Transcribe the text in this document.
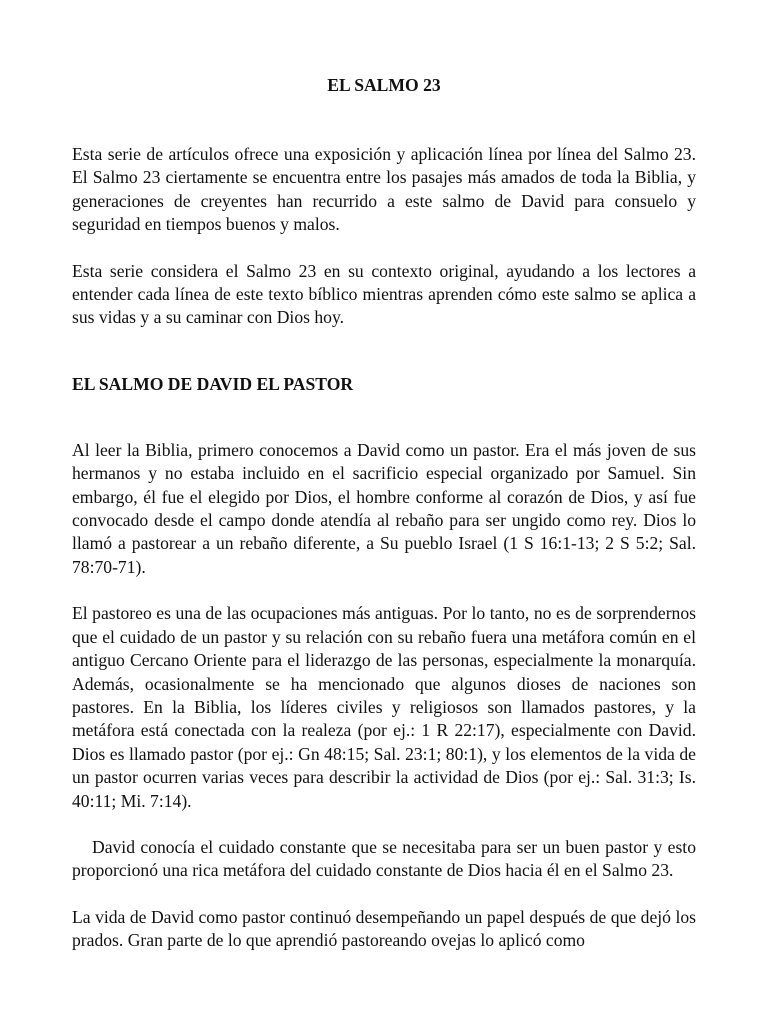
EL SALMO 23

Esta serie de artículos ofrece una exposición y aplicación línea por línea del Salmo 23. El Salmo 23 ciertamente se encuentra entre los pasajes más amados de toda la Biblia, y generaciones de creyentes han recurrido a este salmo de David para consuelo y seguridad en tiempos buenos y malos.

Esta serie considera el Salmo 23 en su contexto original, ayudando a los lectores a entender cada línea de este texto bíblico mientras aprenden cómo este salmo se aplica a sus vidas y a su caminar con Dios hoy.

EL SALMO DE DAVID EL PASTOR

Al leer la Biblia, primero conocemos a David como un pastor. Era el más joven de sus hermanos y no estaba incluido en el sacrificio especial organizado por Samuel. Sin embargo, él fue el elegido por Dios, el hombre conforme al corazón de Dios, y así fue convocado desde el campo donde atendía al rebaño para ser ungido como rey. Dios lo llamó a pastorear a un rebaño diferente, a Su pueblo Israel (1 S 16:1-13; 2 S 5:2; Sal. 78:70-71).

El pastoreo es una de las ocupaciones más antiguas. Por lo tanto, no es de sorprendernos que el cuidado de un pastor y su relación con su rebaño fuera una metáfora común en el antiguo Cercano Oriente para el liderazgo de las personas, especialmente la monarquía. Además, ocasionalmente se ha mencionado que algunos dioses de naciones son pastores. En la Biblia, los líderes civiles y religiosos son llamados pastores, y la metáfora está conectada con la realeza (por ej.: 1 R 22:17), especialmente con David. Dios es llamado pastor (por ej.: Gn 48:15; Sal. 23:1; 80:1), y los elementos de la vida de un pastor ocurren varias veces para describir la actividad de Dios (por ej.: Sal. 31:3; Is. 40:11; Mi. 7:14).

David conocía el cuidado constante que se necesitaba para ser un buen pastor y esto proporcionó una rica metáfora del cuidado constante de Dios hacia él en el Salmo 23.

La vida de David como pastor continuó desempeñando un papel después de que dejó los prados. Gran parte de lo que aprendió pastoreando ovejas lo aplicó como
